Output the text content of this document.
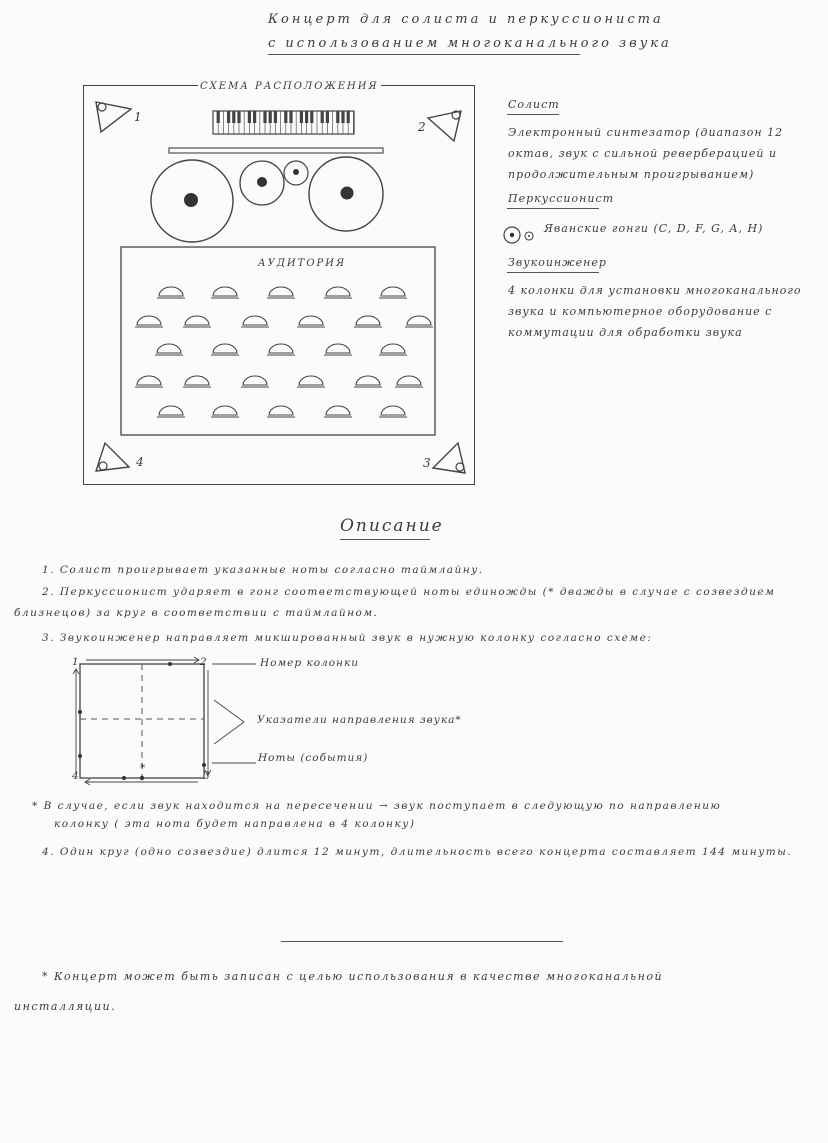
Концерт для солиста и перкуссиониста
с использованием многоканального звука
СХЕМА РАСПОЛОЖЕНИЯ
АУДИТОРИЯ
1
2
3
4
Солист
Электронный синтезатор (диапазон 12 октав, звук с сильной реверберацией и продолжительным проигрыванием)
Перкуссионист
Яванские гонги (C, D, F, G, A, H)
Звукоинженер
4 колонки для установки многоканального звука и компьютерное оборудование с коммутации для обработки звука
Описание
1. Солист проигрывает указанные ноты согласно таймлайну.
2. Перкуссионист ударяет в гонг соответствующей ноты единожды (* дважды в случае с созвездием
близнецов) за круг в соответствии с таймлайном.
3. Звукоинженер направляет микшированный звук в нужную колонку согласно схеме:
1	2
3
4
*
Номер колонки
Указатели направления звука*
Ноты (события)
* В случае, если звук находится на пересечении → звук поступает в следующую по направлению
колонку ( эта нота будет направлена в 4 колонку)
4. Один круг (одно созвездие) длится 12 минут, длительность всего концерта составляет 144 минуты.
* Концерт может быть записан с целью использования в качестве многоканальной
инсталляции.
